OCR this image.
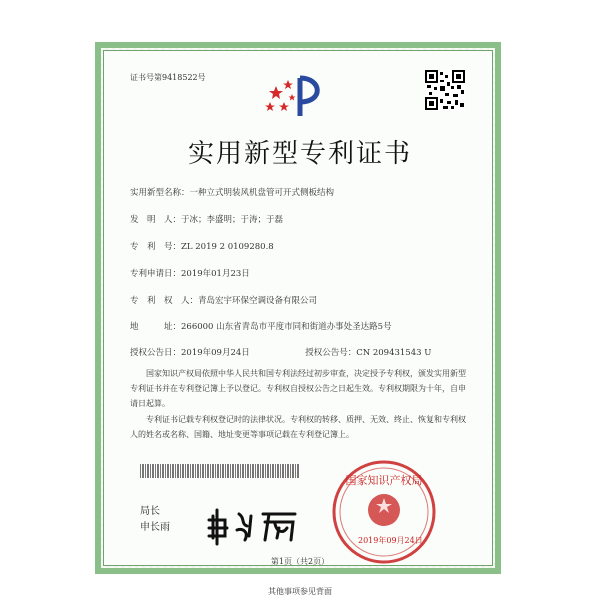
证书号第9418522号
实用新型专利证书
实用新型名称：一种立式明装风机盘管可开式侧板结构
发　明　人：于冰；李盛明；于涛；于磊
专　利　号：ZL 2019 2 0109280.8
专利申请日：2019年01月23日
专　利　权　人：青岛宏宇环保空调设备有限公司
地　　　址：266000 山东省青岛市平度市同和街道办事处圣达路5号
授权公告日：2019年09月24日	授权公告号：CN 209431543 U
国家知识产权局依照中华人民共和国专利法经过初步审查，决定授予专利权，颁发实用新型专利证书并在专利登记簿上予以登记。专利权自授权公告之日起生效。专利权期限为十年，自申请日起算。
专利证书记载专利权登记时的法律状况。专利权的转移、质押、无效、终止、恢复和专利权人的姓名或名称、国籍、地址变更等事项记载在专利登记簿上。
局长
申长雨
国家知识产权局
2019年09月24日
第1页（共2页）
其他事项参见背面
